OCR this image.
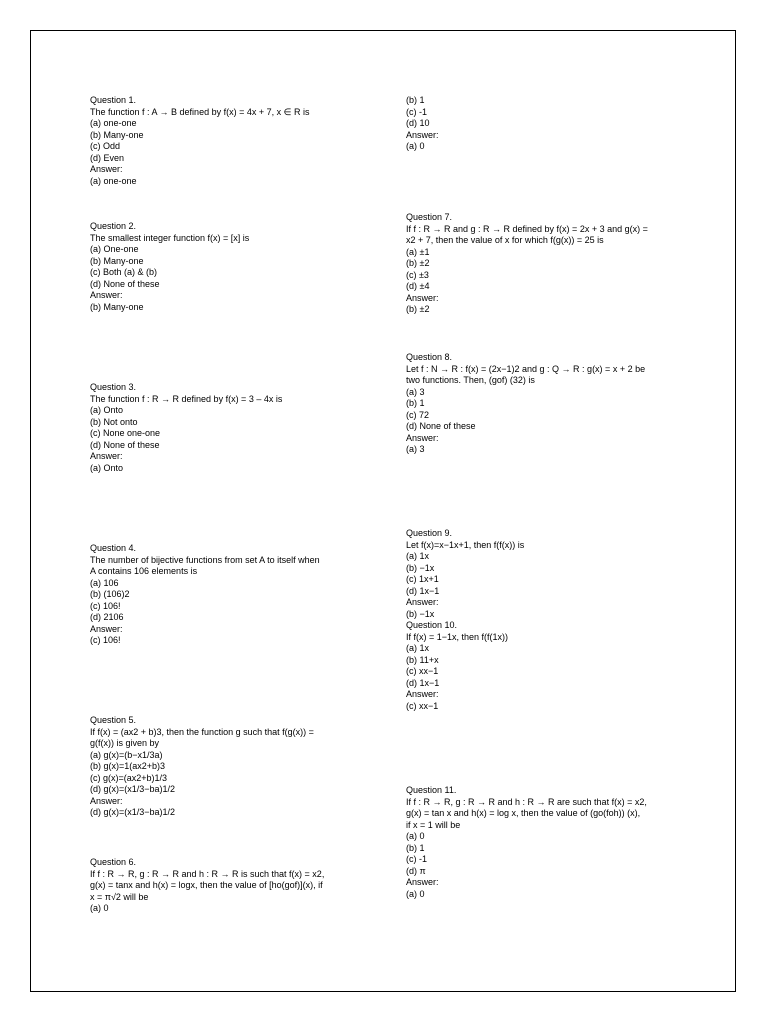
Question 1.
The function f : A → B defined by f(x) = 4x + 7, x ∈ R is
(a) one-one
(b) Many-one
(c) Odd
(d) Even
Answer:
(a) one-one
Question 2.
The smallest integer function f(x) = [x] is
(a) One-one
(b) Many-one
(c) Both (a) & (b)
(d) None of these
Answer:
(b) Many-one
Question 3.
The function f : R → R defined by f(x) = 3 – 4x is
(a) Onto
(b) Not onto
(c) None one-one
(d) None of these
Answer:
(a) Onto
Question 4.
The number of bijective functions from set A to itself when
A contains 106 elements is
(a) 106
(b) (106)2
(c) 106!
(d) 2106
Answer:
(c) 106!
Question 5.
If f(x) = (ax2 + b)3, then the function g such that f(g(x)) =
g(f(x)) is given by
(a) g(x)=(b−x1/3a)
(b) g(x)=1(ax2+b)3
(c) g(x)=(ax2+b)1/3
(d) g(x)=(x1/3−ba)1/2
Answer:
(d) g(x)=(x1/3−ba)1/2
Question 6.
If f : R → R, g : R → R and h : R → R is such that f(x) = x2,
g(x) = tanx and h(x) = logx, then the value of [ho(gof)](x), if
x = π√2 will be
(a) 0
(b) 1
(c) -1
(d) 10
Answer:
(a) 0
Question 7.
If f : R → R and g : R → R defined by f(x) = 2x + 3 and g(x) =
x2 + 7, then the value of x for which f(g(x)) = 25 is
(a) ±1
(b) ±2
(c) ±3
(d) ±4
Answer:
(b) ±2
Question 8.
Let f : N → R : f(x) = (2x−1)2 and g : Q → R : g(x) = x + 2 be
two functions. Then, (gof) (32) is
(a) 3
(b) 1
(c) 72
(d) None of these
Answer:
(a) 3
Question 9.
Let f(x)=x−1x+1, then f(f(x)) is
(a) 1x
(b) −1x
(c) 1x+1
(d) 1x−1
Answer:
(b) −1x
Question 10.
If f(x) = 1−1x, then f(f(1x))
(a) 1x
(b) 11+x
(c) xx−1
(d) 1x−1
Answer:
(c) xx−1
Question 11.
If f : R → R, g : R → R and h : R → R are such that f(x) = x2,
g(x) = tan x and h(x) = log x, then the value of (go(foh)) (x),
if x = 1 will be
(a) 0
(b) 1
(c) -1
(d) π
Answer:
(a) 0
